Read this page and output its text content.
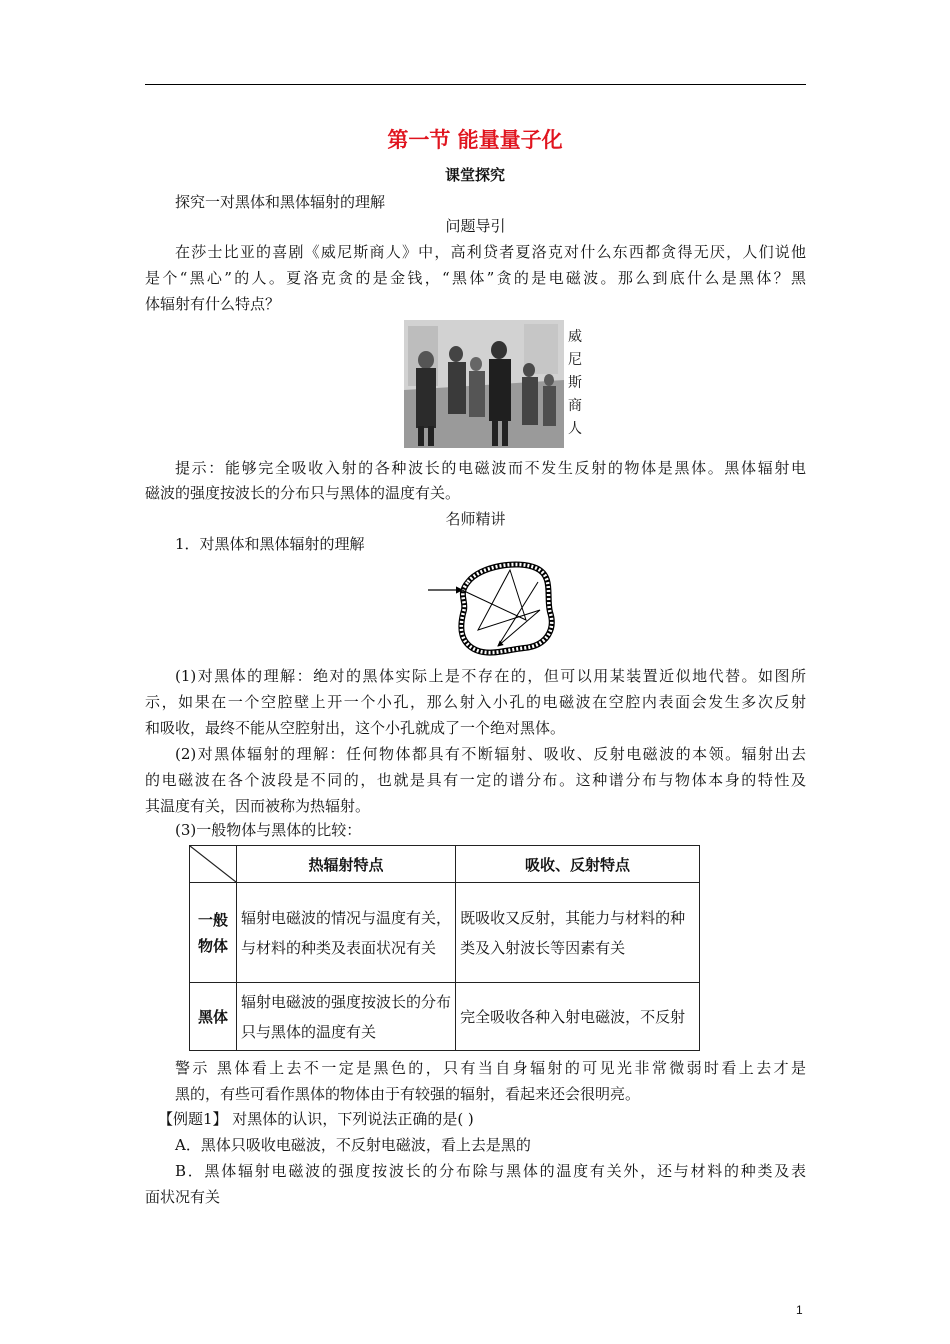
第一节 能量量子化
课堂探究
探究一对黑体和黑体辐射的理解
问题导引
在莎士比亚的喜剧《威尼斯商人》中，高利贷者夏洛克对什么东西都贪得无厌，人们说他
是个“黑心”的人。夏洛克贪的是金钱，“黑体”贪的是电磁波。那么到底什么是黑体？黑
体辐射有什么特点？
威
尼
斯
商
人
提示：能够完全吸收入射的各种波长的电磁波而不发生反射的物体是黑体。黑体辐射电
磁波的强度按波长的分布只与黑体的温度有关。
名师精讲
1．对黑体和黑体辐射的理解
(1)对黑体的理解：绝对的黑体实际上是不存在的，但可以用某装置近似地代替。如图所
示，如果在一个空腔壁上开一个小孔，那么射入小孔的电磁波在空腔内表面会发生多次反射
和吸收，最终不能从空腔射出，这个小孔就成了一个绝对黑体。
(2)对黑体辐射的理解：任何物体都具有不断辐射、吸收、反射电磁波的本领。辐射出去
的电磁波在各个波段是不同的，也就是具有一定的谱分布。这种谱分布与物体本身的特性及
其温度有关，因而被称为热辐射。
(3)一般物体与黑体的比较：
	热辐射特点	吸收、反射特点

一般
物体	辐射电磁波的情况与温度有关，与材料的种类及表面状况有关	既吸收又反射，其能力与材料的种类及入射波长等因素有关

黑体	辐射电磁波的强度按波长的分布只与黑体的温度有关	完全吸收各种入射电磁波，不反射
警示 黑体看上去不一定是黑色的，只有当自身辐射的可见光非常微弱时看上去才是
黑的，有些可看作黑体的物体由于有较强的辐射，看起来还会很明亮。
【例题1】 对黑体的认识，下列说法正确的是( )
A．黑体只吸收电磁波，不反射电磁波，看上去是黑的
B．黑体辐射电磁波的强度按波长的分布除与黑体的温度有关外，还与材料的种类及表
面状况有关
1
